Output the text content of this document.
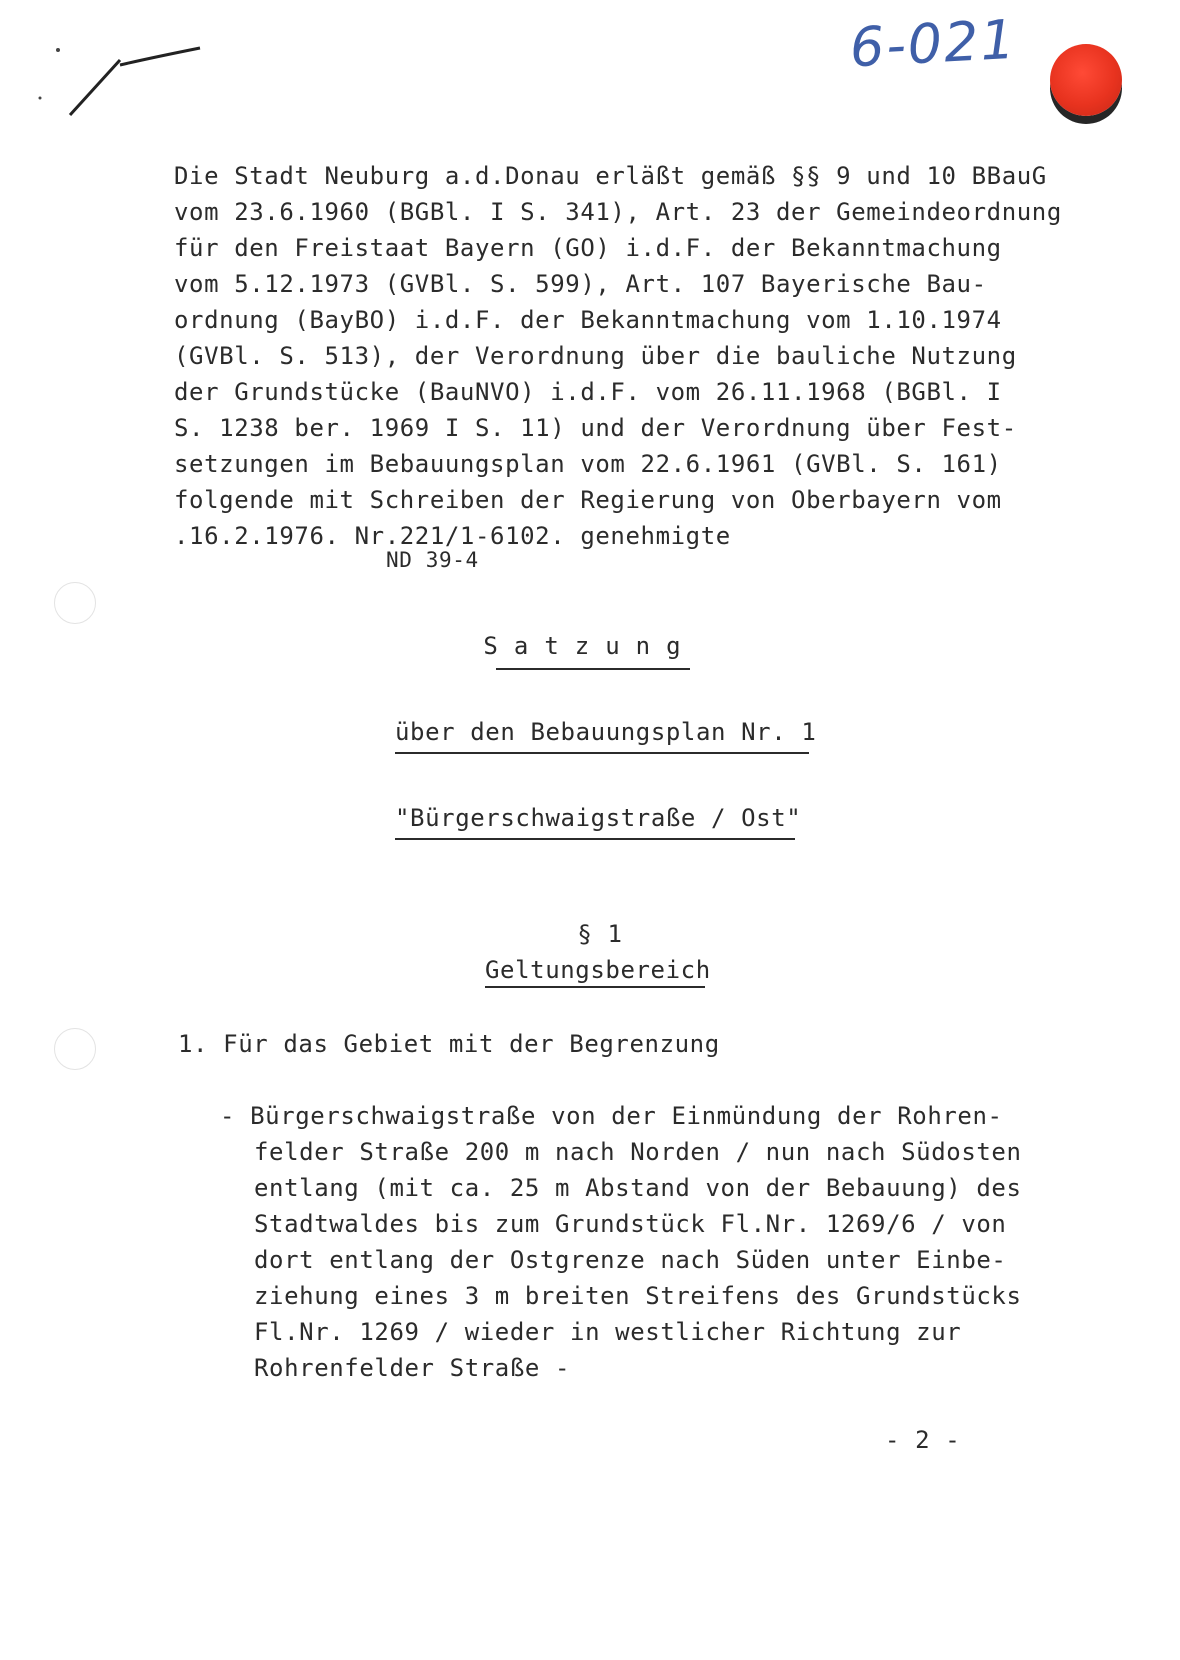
6-021
Die Stadt Neuburg a.d.Donau erläßt gemäß §§ 9 und 10 BBauG
vom 23.6.1960 (BGBl. I S. 341), Art. 23 der Gemeindeordnung
für den Freistaat Bayern (GO) i.d.F. der Bekanntmachung
vom 5.12.1973 (GVBl. S. 599), Art. 107 Bayerische Bau-
ordnung (BayBO) i.d.F. der Bekanntmachung vom 1.10.1974
(GVBl. S. 513), der Verordnung über die bauliche Nutzung
der Grundstücke (BauNVO) i.d.F. vom 26.11.1968 (BGBl. I
S. 1238 ber. 1969 I S. 11) und der Verordnung über Fest-
setzungen im Bebauungsplan vom 22.6.1961 (GVBl. S. 161)
folgende mit Schreiben der Regierung von Oberbayern vom
.16.2.1976. Nr.221/1-6102. genehmigte
ND 39-4
Satzung
über den Bebauungsplan Nr. 1
"Bürgerschwaigstraße / Ost"
§ 1
Geltungsbereich
1. Für das Gebiet mit der Begrenzung
- Bürgerschwaigstraße von der Einmündung der Rohren-
felder Straße 200 m nach Norden / nun nach Südosten
entlang (mit ca. 25 m Abstand von der Bebauung) des
Stadtwaldes bis zum Grundstück Fl.Nr. 1269/6 / von
dort entlang der Ostgrenze nach Süden unter Einbe-
ziehung eines 3 m breiten Streifens des Grundstücks
Fl.Nr. 1269 / wieder in westlicher Richtung zur
Rohrenfelder Straße -
- 2 -
